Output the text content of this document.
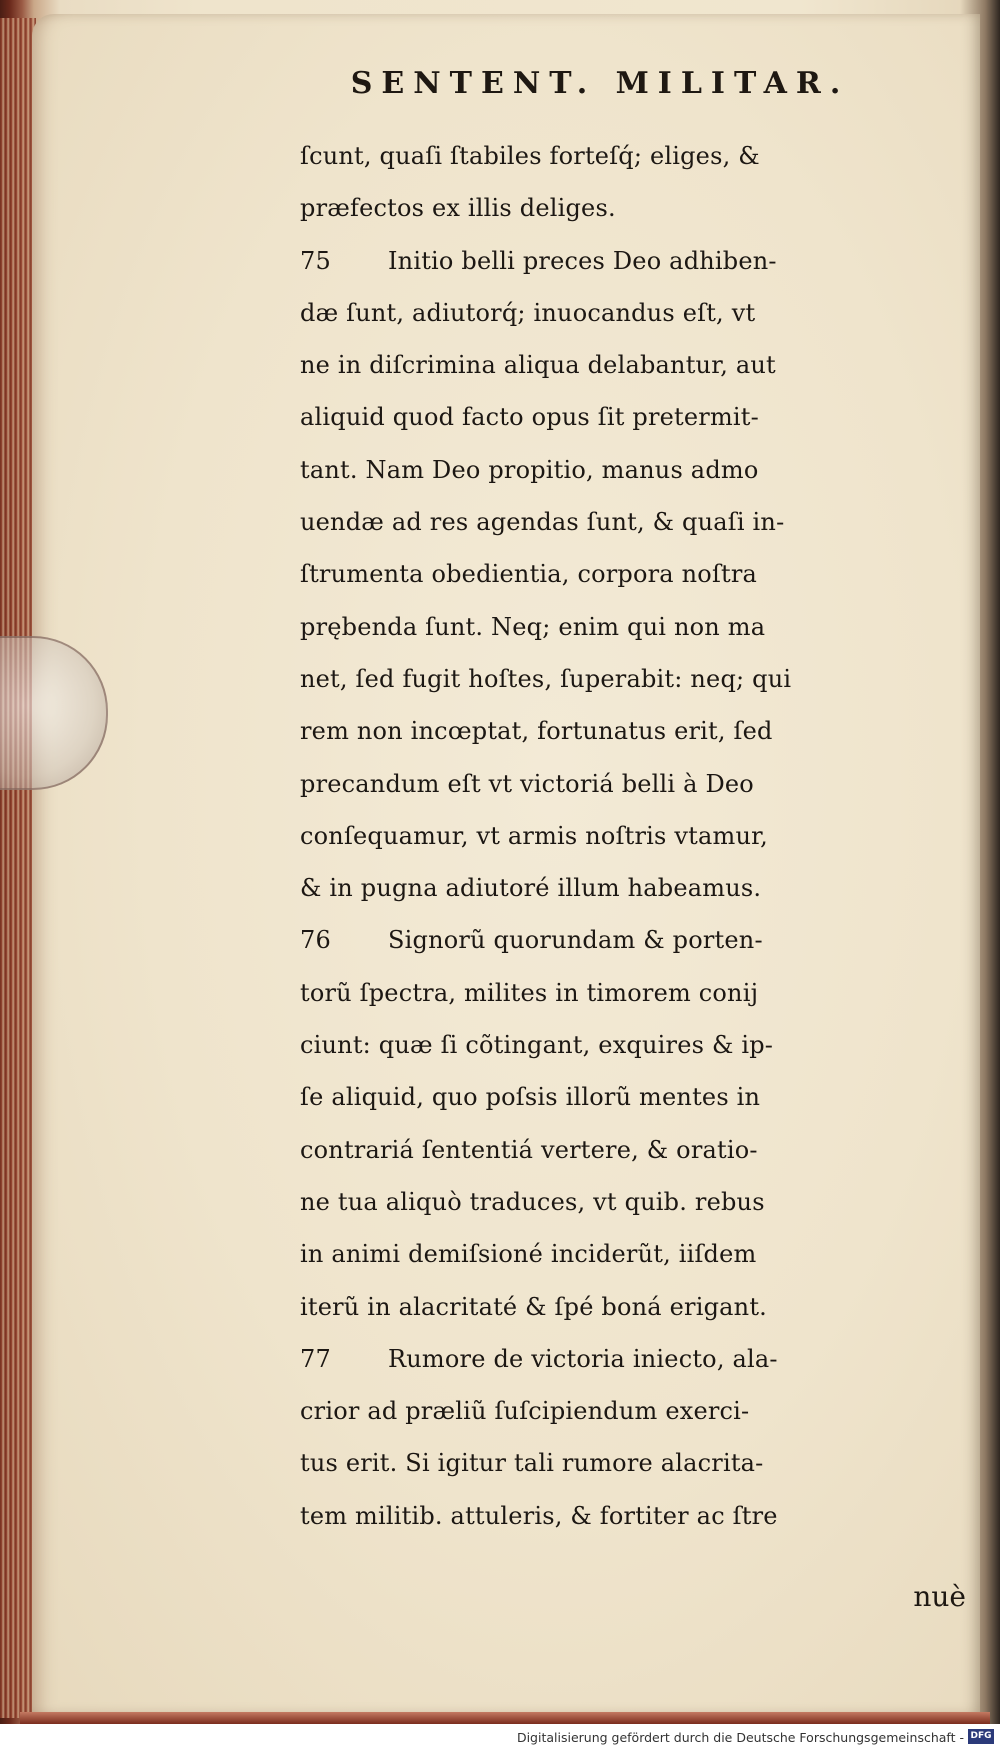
SENTENT. MILITAR.
ſcunt, quaſi ſtabiles forteſq́; eliges, &
præfectos ex illis deliges.
75 Initio belli preces Deo adhiben-
dæ ſunt, adiutorq́; inuocandus eſt, vt
ne in diſcrimina aliqua delabantur, aut
aliquid quod facto opus ſit pretermit-
tant. Nam Deo propitio, manus admo
uendæ ad res agendas ſunt, & quaſi in-
ſtrumenta obedientia, corpora noſtra
prębenda ſunt. Neq; enim qui non ma
net, ſed fugit hoſtes, ſuperabit: neq; qui
rem non incœptat, fortunatus erit, ſed
precandum eſt vt victoriá belli à Deo
conſequamur, vt armis noſtris vtamur,
& in pugna adiutoré illum habeamus.
76 Signorũ quorundam & porten-
torũ ſpectra, milites in timorem conij
ciunt: quæ ſi cõtingant, exquires & ip-
ſe aliquid, quo poſsis illorũ mentes in
contrariá ſententiá vertere, & oratio-
ne tua aliquò traduces, vt quib. rebus
in animi demiſsioné inciderũt, iiſdem
iterũ in alacritaté & ſpé boná erigant.
77 Rumore de victoria iniecto, ala-
crior ad præliũ ſuſcipiendum exerci-
tus erit. Si igitur tali rumore alacrita-
tem militib. attuleris, & fortiter ac ſtre
nuè
Digitalisierung gefördert durch die Deutsche Forschungsgemeinschaft - DFG
